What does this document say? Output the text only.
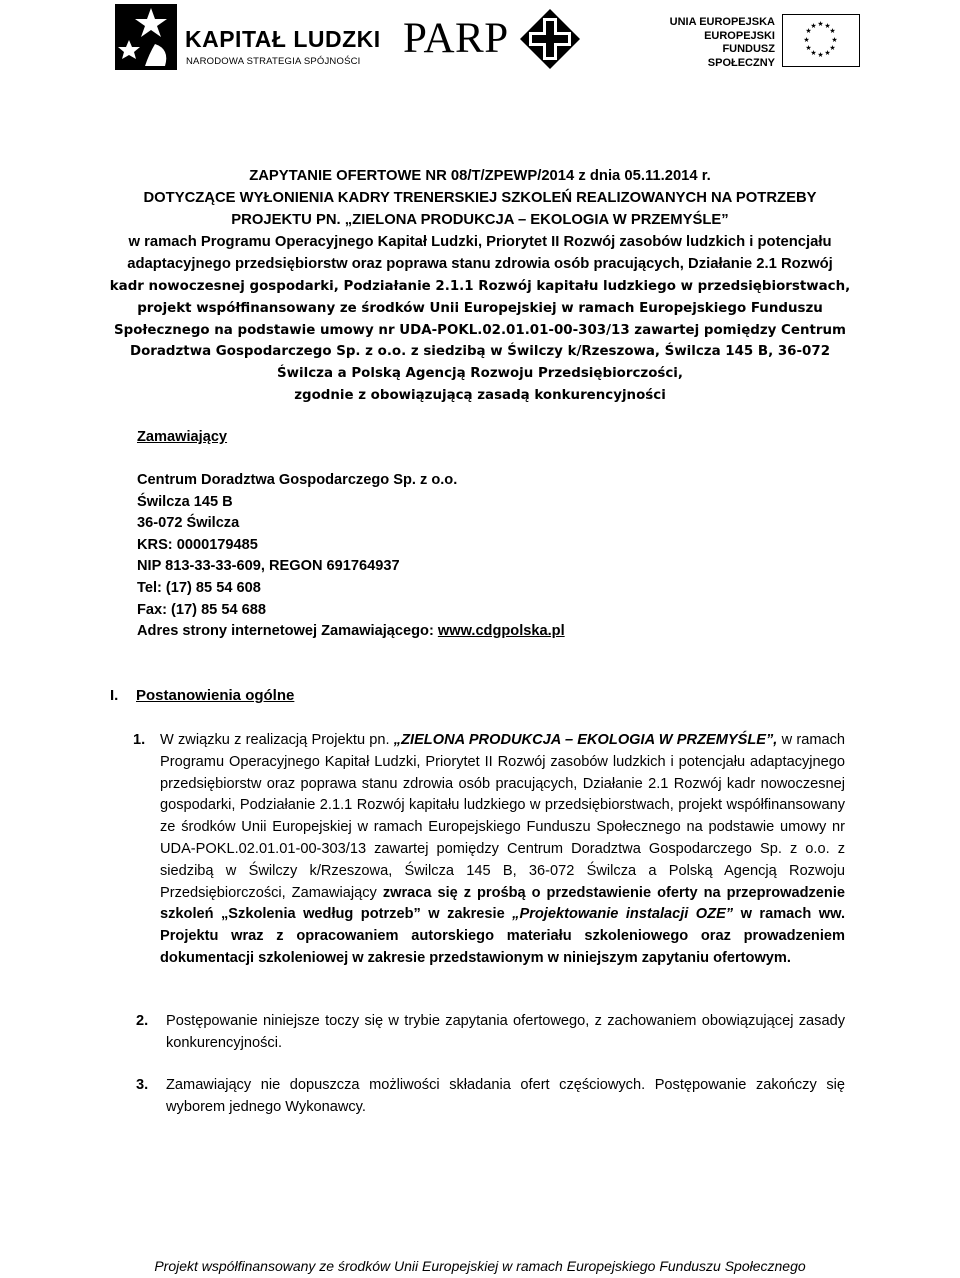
KAPITAŁ LUDZKI
NARODOWA STRATEGIA SPÓJNOŚCI PARP	UNIA EUROPEJSKA
EUROPEJSKI
FUNDUSZ SPOŁECZNY
★ ★
★
★
★
★
★
★
★
★
★
★
ZAPYTANIE OFERTOWE NR 08/T/ZPEWP/2014 z dnia 05.11.2014 r.
DOTYCZĄCE WYŁONIENIA KADRY TRENERSKIEJ SZKOLEŃ REALIZOWANYCH NA POTRZEBY
PROJEKTU PN. „ZIELONA PRODUKCJA – EKOLOGIA W PRZEMYŚLE”
w ramach Programu Operacyjnego Kapitał Ludzki, Priorytet II Rozwój zasobów ludzkich i potencjału
adaptacyjnego przedsiębiorstw oraz poprawa stanu zdrowia osób pracujących, Działanie 2.1 Rozwój
kadr nowoczesnej gospodarki, Podziałanie 2.1.1 Rozwój kapitału ludzkiego w przedsiębiorstwach,
projekt współfinansowany ze środków Unii Europejskiej w ramach Europejskiego Funduszu
Społecznego na podstawie umowy nr UDA-POKL.02.01.01-00-303/13 zawartej pomiędzy Centrum
Doradztwa Gospodarczego Sp. z o.o. z siedzibą w Świlczy k/Rzeszowa, Świlcza 145 B, 36-072
Świlcza a Polską Agencją Rozwoju Przedsiębiorczości,
zgodnie z obowiązującą zasadą konkurencyjności
Zamawiający
Centrum Doradztwa Gospodarczego Sp. z o.o.
Świlcza 145 B
36-072 Świlcza
KRS: 0000179485
NIP 813-33-33-609, REGON 691764937
Tel: (17) 85 54 608
Fax: (17) 85 54 688
Adres strony internetowej Zamawiającego: www.cdgpolska.pl
I. Postanowienia ogólne
1. W związku z realizacją Projektu pn. „ZIELONA PRODUKCJA – EKOLOGIA W PRZEMYŚLE”, w ramach Programu Operacyjnego Kapitał Ludzki, Priorytet II Rozwój zasobów ludzkich i potencjału adaptacyjnego przedsiębiorstw oraz poprawa stanu zdrowia osób pracujących, Działanie 2.1 Rozwój kadr nowoczesnej gospodarki, Podziałanie 2.1.1 Rozwój kapitału ludzkiego w przedsiębiorstwach, projekt współfinansowany ze środków Unii Europejskiej w ramach Europejskiego Funduszu Społecznego na podstawie umowy nr UDA-POKL.02.01.01-00-303/13 zawartej pomiędzy Centrum Doradztwa Gospodarczego Sp. z o.o. z siedzibą w Świlczy k/Rzeszowa, Świlcza 145 B, 36-072 Świlcza a Polską Agencją Rozwoju Przedsiębiorczości, Zamawiający zwraca się z prośbą o przedstawienie oferty na przeprowadzenie szkoleń „Szkolenia według potrzeb” w zakresie „Projektowanie instalacji OZE” w ramach ww. Projektu wraz z opracowaniem autorskiego materiału szkoleniowego oraz prowadzeniem dokumentacji szkoleniowej w zakresie przedstawionym w niniejszym zapytaniu ofertowym.
2. Postępowanie niniejsze toczy się w trybie zapytania ofertowego, z zachowaniem obowiązującej zasady konkurencyjności.
3. Zamawiający nie dopuszcza możliwości składania ofert częściowych. Postępowanie zakończy się wyborem jednego Wykonawcy.
Projekt współfinansowany ze środków Unii Europejskiej w ramach Europejskiego Funduszu Społecznego
